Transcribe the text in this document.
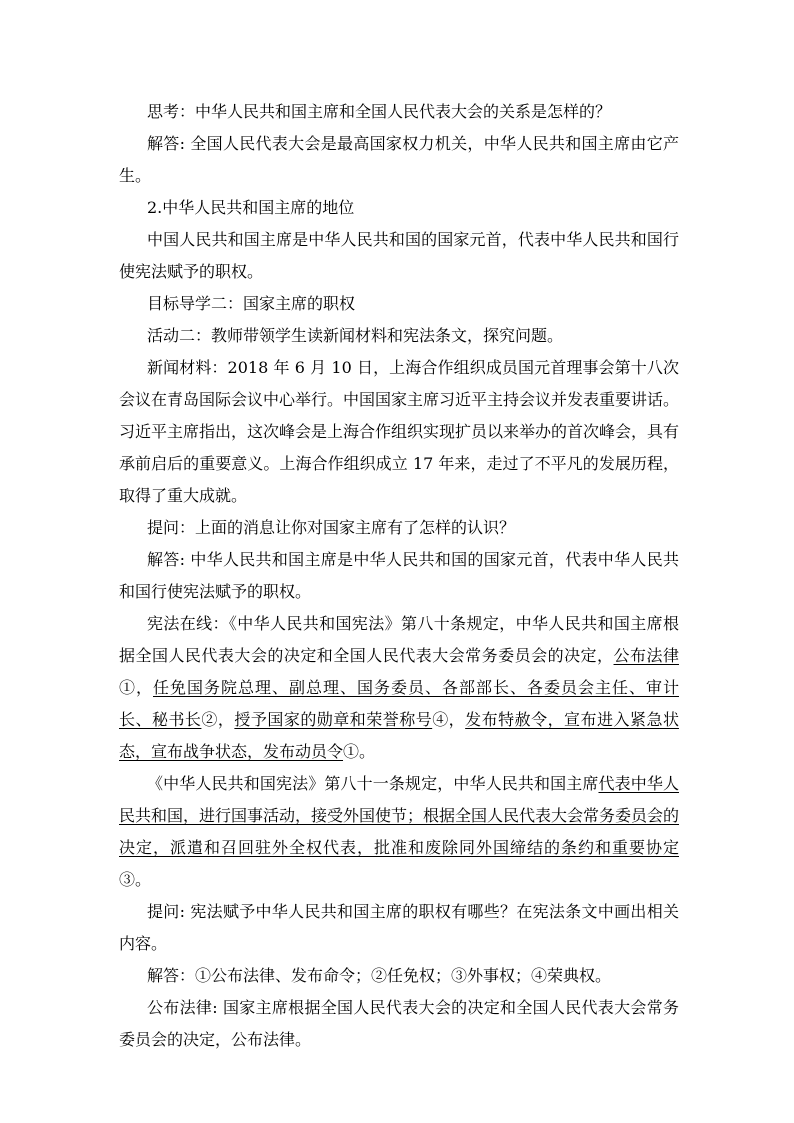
思考：中华人民共和国主席和全国人民代表大会的关系是怎样的？

解答: 全国人民代表大会是最高国家权力机关，中华人民共和国主席由它产生。

2.中华人民共和国主席的地位

中国人民共和国主席是中华人民共和国的国家元首，代表中华人民共和国行使宪法赋予的职权。

目标导学二：国家主席的职权

活动二：教师带领学生读新闻材料和宪法条文，探究问题。

新闻材料：2018 年 6 月 10 日，上海合作组织成员国元首理事会第十八次会议在青岛国际会议中心举行。中国国家主席习近平主持会议并发表重要讲话。习近平主席指出，这次峰会是上海合作组织实现扩员以来举办的首次峰会，具有承前启后的重要意义。上海合作组织成立 17 年来，走过了不平凡的发展历程，取得了重大成就。

提问：上面的消息让你对国家主席有了怎样的认识？

解答: 中华人民共和国主席是中华人民共和国的国家元首，代表中华人民共和国行使宪法赋予的职权。

宪法在线：《中华人民共和国宪法》第八十条规定，中华人民共和国主席根据全国人民代表大会的决定和全国人民代表大会常务委员会的决定，公布法律①，任免国务院总理、副总理、国务委员、各部部长、各委员会主任、审计长、秘书长②，授予国家的勋章和荣誉称号④，发布特赦令，宣布进入紧急状态，宣布战争状态，发布动员令①。

《中华人民共和国宪法》第八十一条规定，中华人民共和国主席代表中华人民共和国，进行国事活动，接受外国使节；根据全国人民代表大会常务委员会的决定，派遣和召回驻外全权代表，批准和废除同外国缔结的条约和重要协定③。

提问: 宪法赋予中华人民共和国主席的职权有哪些？在宪法条文中画出相关内容。

解答：①公布法律、发布命令；②任免权；③外事权；④荣典权。

公布法律: 国家主席根据全国人民代表大会的决定和全国人民代表大会常务委员会的决定，公布法律。
